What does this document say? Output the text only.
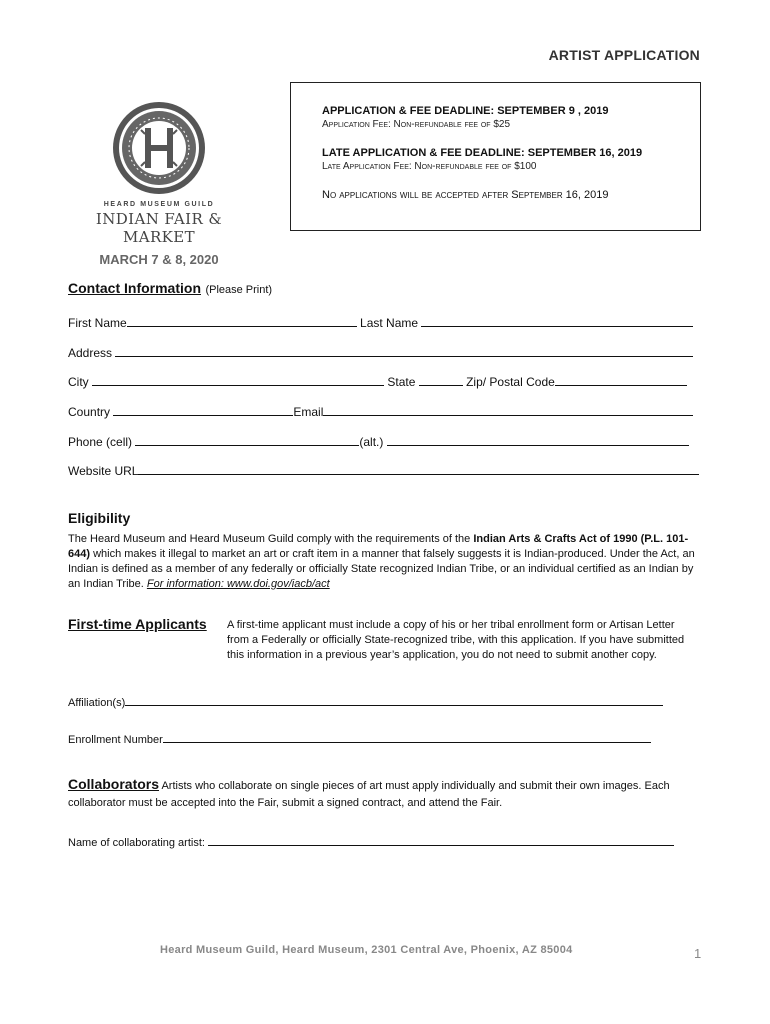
ARTIST APPLICATION
HEARD MUSEUM GUILD
INDIAN FAIR & MARKET
MARCH 7 & 8, 2020
APPLICATION & FEE DEADLINE: SEPTEMBER 9 , 2019
Application Fee: Non-refundable fee of $25
LATE APPLICATION & FEE DEADLINE: SEPTEMBER 16, 2019
Late Application Fee: Non-refundable fee of $100
No applications will be accepted after September 16, 2019
Contact Information (Please Print)
First Name	Last Name
Address
City	State	Zip/ Postal Code
Country	Email
Phone (cell)	(alt.)
Website URL
Eligibility
The Heard Museum and Heard Museum Guild comply with the requirements of the Indian Arts & Crafts Act of 1990 (P.L. 101-644) which makes it illegal to market an art or craft item in a manner that falsely suggests it is Indian-produced. Under the Act, an Indian is defined as a member of any federally or officially State recognized Indian Tribe, or an individual certified as an Indian by an Indian Tribe. For information: www.doi.gov/iacb/act
First-time Applicants A first-time applicant must include a copy of his or her tribal enrollment form or Artisan Letter from a Federally or officially State-recognized tribe, with this application. If you have submitted this information in a previous year’s application, you do not need to submit another copy.
Affiliation(s)
Enrollment Number
Collaborators Artists who collaborate on single pieces of art must apply individually and submit their own images. Each collaborator must be accepted into the Fair, submit a signed contract, and attend the Fair.
Name of collaborating artist:
Heard Museum Guild, Heard Museum, 2301 Central Ave, Phoenix, AZ 85004	1
